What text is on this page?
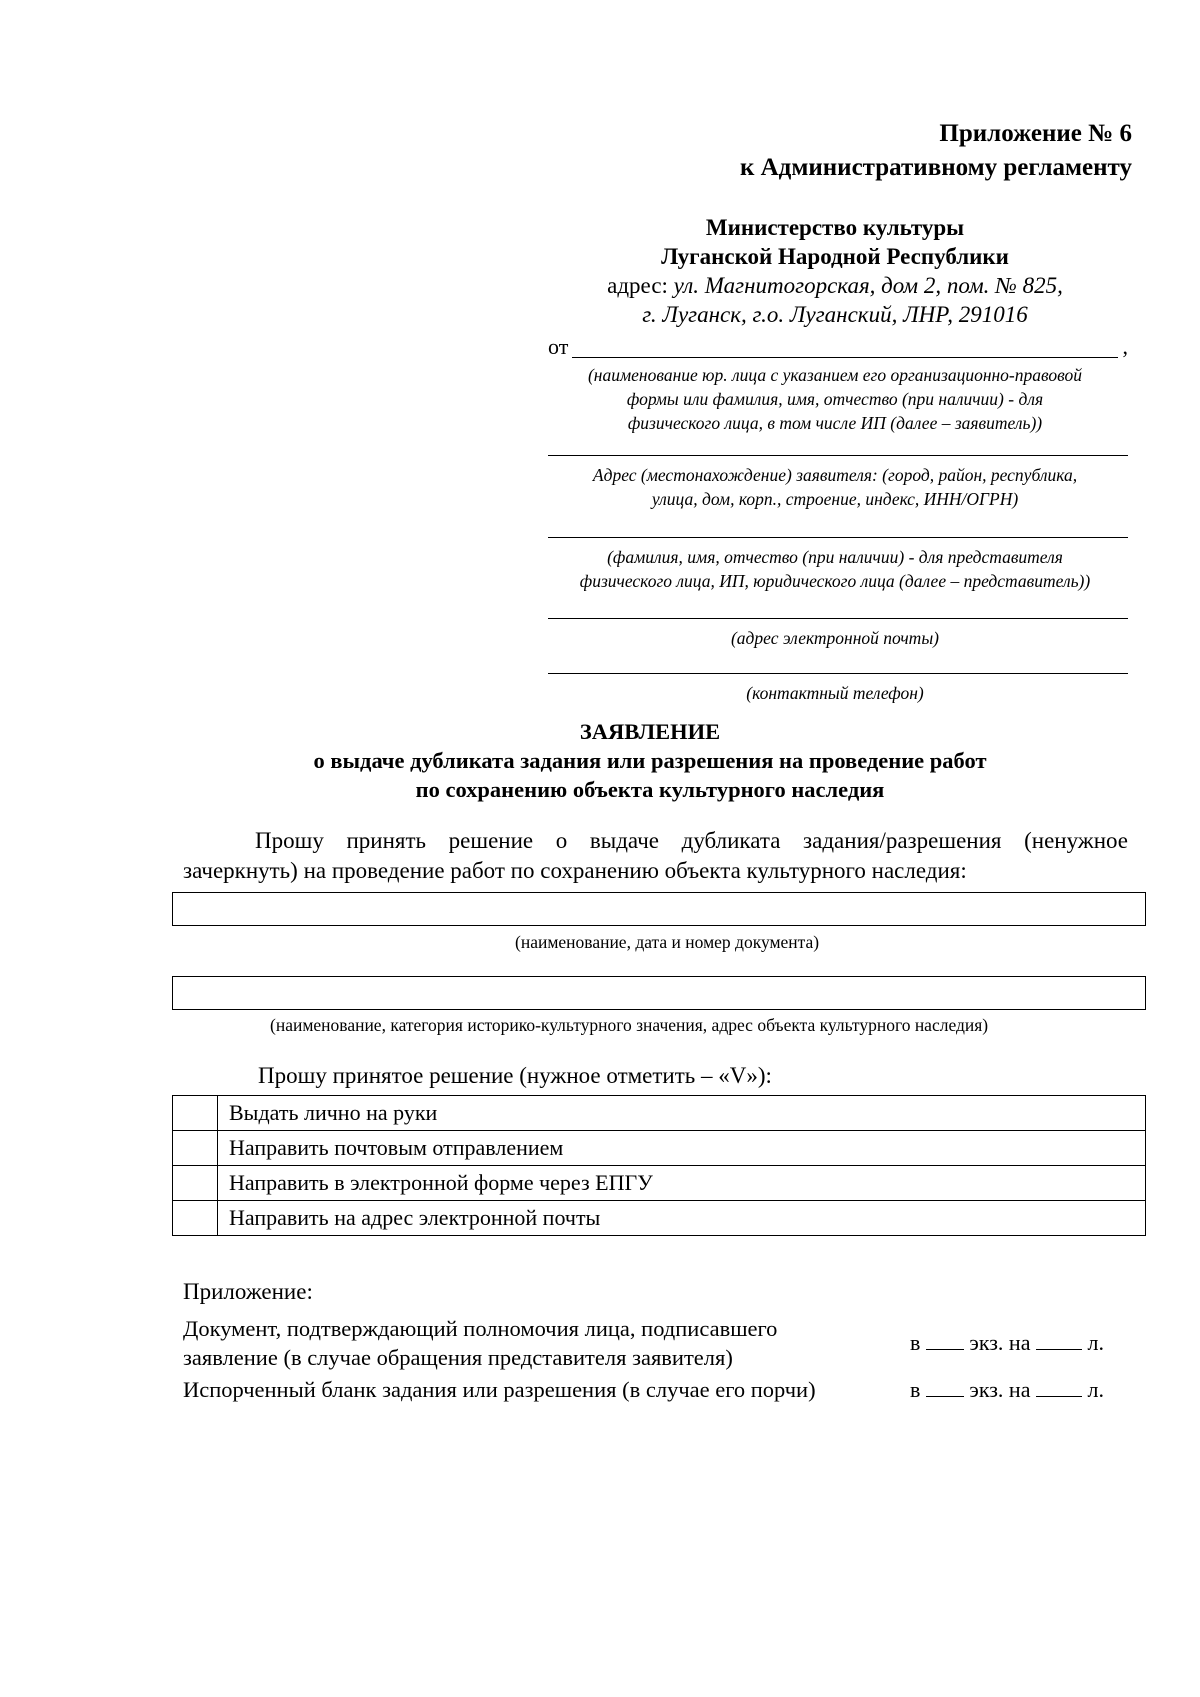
Приложение № 6
к Административному регламенту
Министерство культуры
Луганской Народной Республики
адрес: ул. Магнитогорская, дом 2, пом. № 825,
г. Луганск, г.о. Луганский, ЛНР, 291016
от	,
(наименование юр. лица с указанием его организационно-правовой
формы или фамилия, имя, отчество (при наличии) - для
физического лица, в том числе ИП (далее – заявитель))
Адрес (местонахождение) заявителя: (город, район, республика,
улица, дом, корп., строение, индекс, ИНН/ОГРН)
(фамилия, имя, отчество (при наличии) - для представителя
физического лица, ИП, юридического лица (далее – представитель))
(адрес электронной почты)
(контактный телефон)
ЗАЯВЛЕНИЕ
о выдаче дубликата задания или разрешения на проведение работ
по сохранению объекта культурного наследия
Прошу принять решение о выдаче дубликата задания/разрешения (ненужное
зачеркнуть) на проведение работ по сохранению объекта культурного наследия:
(наименование, дата и номер документа)
(наименование, категория историко-культурного значения, адрес объекта культурного наследия)
Прошу принятое решение (нужное отметить – «V»):
	Выдать лично на руки
	Направить почтовым отправлением
	Направить в электронной форме через ЕПГУ
	Направить на адрес электронной почты
Приложение:
Документ, подтверждающий полномочия лица, подписавшего
заявление (в случае обращения представителя заявителя)
в экз. на	л.
Испорченный бланк задания или разрешения (в случае его порчи)	в экз. на	л.
